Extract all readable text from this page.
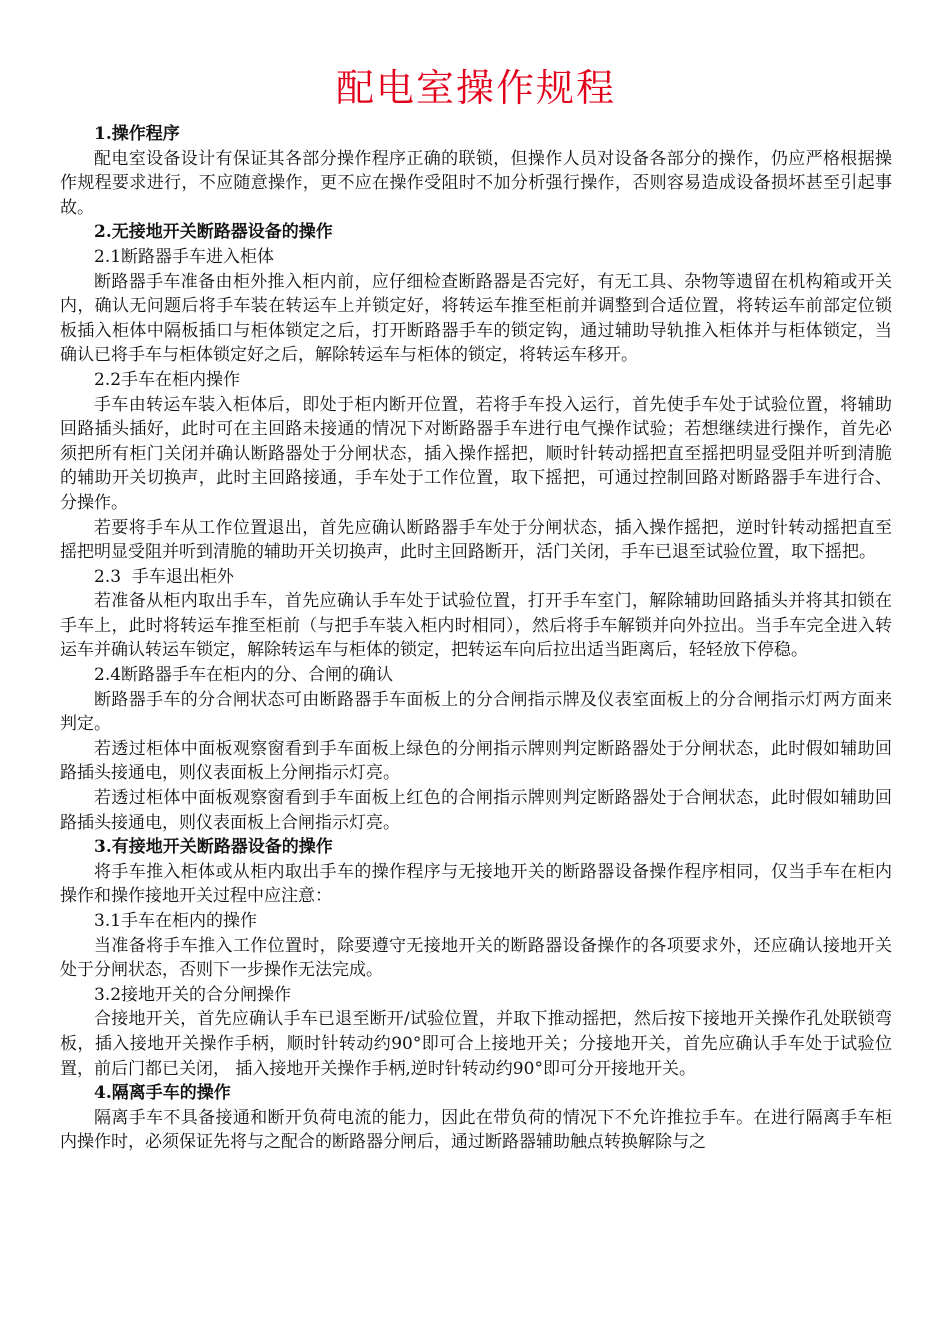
配电室操作规程

1.操作程序

配电室设备设计有保证其各部分操作程序正确的联锁，但操作人员对设备各部分的操作，仍应严格根据操作规程要求进行，不应随意操作，更不应在操作受阻时不加分析强行操作，否则容易造成设备损坏甚至引起事故。

2.无接地开关断路器设备的操作

2.1断路器手车进入柜体

断路器手车准备由柜外推入柜内前，应仔细检查断路器是否完好，有无工具、杂物等遗留在机构箱或开关内，确认无问题后将手车装在转运车上并锁定好，将转运车推至柜前并调整到合适位置，将转运车前部定位锁板插入柜体中隔板插口与柜体锁定之后，打开断路器手车的锁定钩，通过辅助导轨推入柜体并与柜体锁定，当确认已将手车与柜体锁定好之后，解除转运车与柜体的锁定，将转运车移开。

2.2手车在柜内操作

手车由转运车装入柜体后，即处于柜内断开位置，若将手车投入运行，首先使手车处于试验位置，将辅助回路插头插好，此时可在主回路未接通的情况下对断路器手车进行电气操作试验；若想继续进行操作，首先必须把所有柜门关闭并确认断路器处于分闸状态，插入操作摇把，顺时针转动摇把直至摇把明显受阻并听到清脆的辅助开关切换声，此时主回路接通，手车处于工作位置，取下摇把，可通过控制回路对断路器手车进行合、分操作。

若要将手车从工作位置退出，首先应确认断路器手车处于分闸状态，插入操作摇把，逆时针转动摇把直至摇把明显受阻并听到清脆的辅助开关切换声，此时主回路断开，活门关闭，手车已退至试验位置，取下摇把。

2.3  手车退出柜外

若准备从柜内取出手车，首先应确认手车处于试验位置，打开手车室门，解除辅助回路插头并将其扣锁在手车上，此时将转运车推至柜前（与把手车装入柜内时相同），然后将手车解锁并向外拉出。当手车完全进入转运车并确认转运车锁定，解除转运车与柜体的锁定，把转运车向后拉出适当距离后，轻轻放下停稳。

2.4断路器手车在柜内的分、合闸的确认

断路器手车的分合闸状态可由断路器手车面板上的分合闸指示牌及仪表室面板上的分合闸指示灯两方面来判定。

若透过柜体中面板观察窗看到手车面板上绿色的分闸指示牌则判定断路器处于分闸状态，此时假如辅助回路插头接通电，则仪表面板上分闸指示灯亮。

若透过柜体中面板观察窗看到手车面板上红色的合闸指示牌则判定断路器处于合闸状态，此时假如辅助回路插头接通电，则仪表面板上合闸指示灯亮。

3.有接地开关断路器设备的操作

将手车推入柜体或从柜内取出手车的操作程序与无接地开关的断路器设备操作程序相同，仅当手车在柜内操作和操作接地开关过程中应注意：

3.1手车在柜内的操作

当准备将手车推入工作位置时，除要遵守无接地开关的断路器设备操作的各项要求外，还应确认接地开关处于分闸状态，否则下一步操作无法完成。

3.2接地开关的合分闸操作

合接地开关，首先应确认手车已退至断开/试验位置，并取下推动摇把，然后按下接地开关操作孔处联锁弯板，插入接地开关操作手柄，顺时针转动约90°即可合上接地开关；分接地开关，首先应确认手车处于试验位置，前后门都已关闭， 插入接地开关操作手柄,逆时针转动约90°即可分开接地开关。

4.隔离手车的操作

隔离手车不具备接通和断开负荷电流的能力，因此在带负荷的情况下不允许推拉手车。在进行隔离手车柜内操作时，必须保证先将与之配合的断路器分闸后，通过断路器辅助触点转换解除与之
